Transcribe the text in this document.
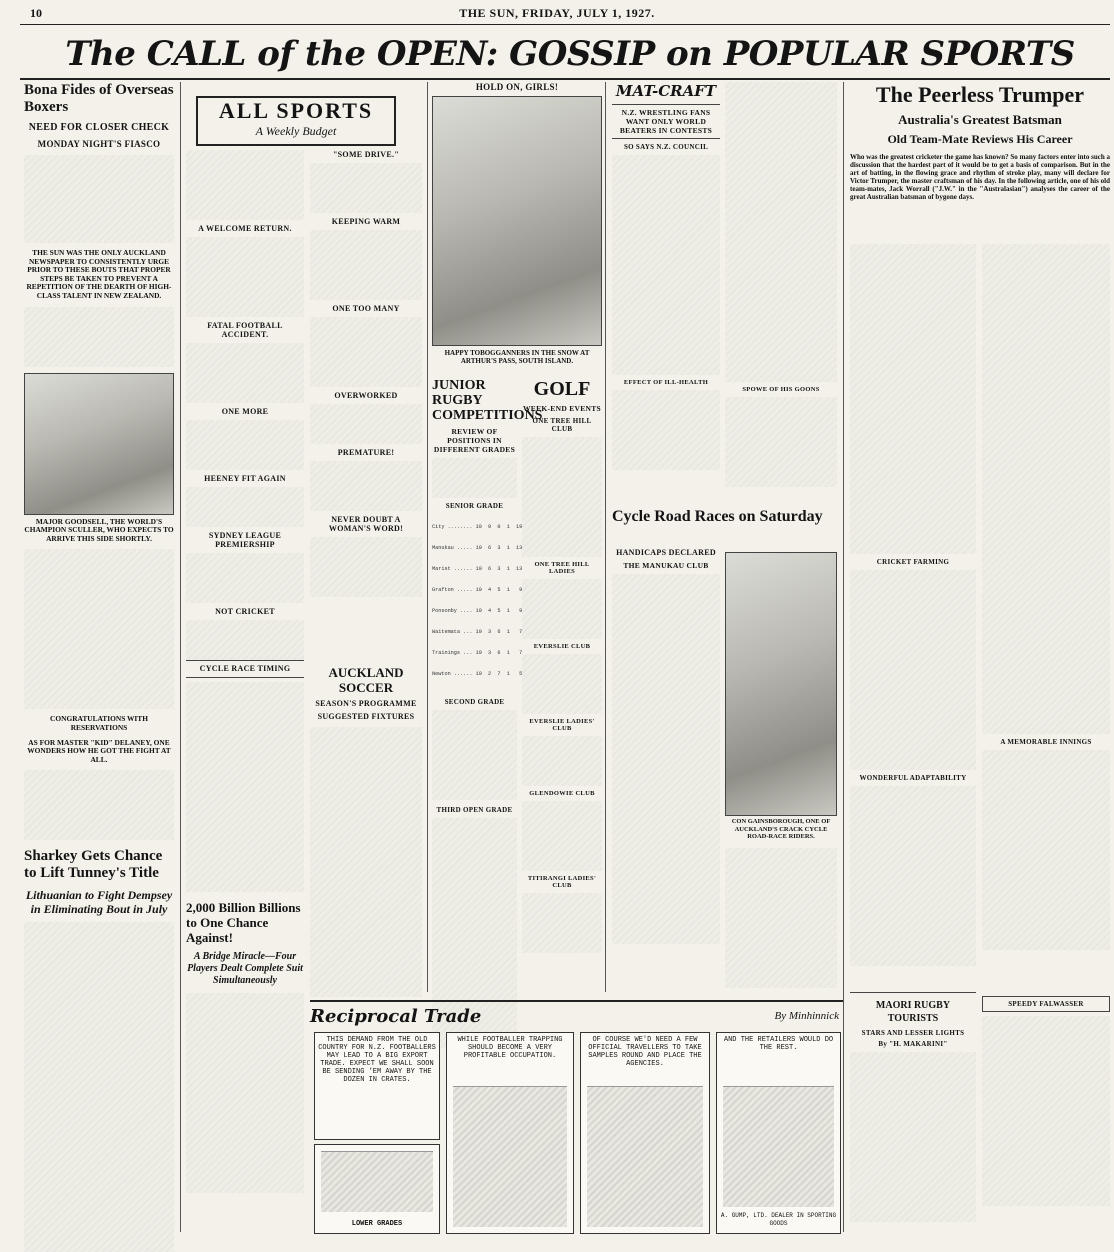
10	THE SUN, FRIDAY, JULY 1, 1927.
The CALL of the OPEN: GOSSIP on POPULAR SPORTS
Bona Fides of Overseas Boxers
NEED FOR CLOSER CHECK
MONDAY NIGHT'S FIASCO
THE SUN WAS THE ONLY AUCKLAND NEWSPAPER TO CONSISTENTLY URGE PRIOR TO THESE BOUTS THAT PROPER STEPS BE TAKEN TO PREVENT A REPETITION OF THE DEARTH OF HIGH-CLASS TALENT IN NEW ZEALAND.
MAJOR GOODSELL, THE WORLD'S CHAMPION SCULLER, WHO EXPECTS TO ARRIVE THIS SIDE SHORTLY.
CONGRATULATIONS WITH RESERVATIONS
AS FOR MASTER "KID" DELANEY, ONE WONDERS HOW HE GOT THE FIGHT AT ALL.
Sharkey Gets Chance to Lift Tunney's Title
Lithuanian to Fight Dempsey in Eliminating Bout in July
ALL SPORTS
A Weekly Budget
A WELCOME RETURN.
FATAL FOOTBALL ACCIDENT.
ONE MORE
HEENEY FIT AGAIN
SYDNEY LEAGUE PREMIERSHIP
NOT CRICKET
"SOME DRIVE."
KEEPING WARM
ONE TOO MANY
OVERWORKED
PREMATURE!
NEVER DOUBT A WOMAN'S WORD!
CYCLE RACE TIMING
2,000 Billion Billions to One Chance Against!
A Bridge Miracle—Four Players Dealt Complete Suit Simultaneously
AUCKLAND SOCCER
SEASON'S PROGRAMME
SUGGESTED FIXTURES
HOLD ON, GIRLS!
HAPPY TOBOGGANNERS IN THE SNOW AT ARTHUR'S PASS, SOUTH ISLAND.
JUNIOR RUGBY COMPETITIONS
REVIEW OF POSITIONS IN DIFFERENT GRADES
SENIOR GRADE

City ........ 10  9  0  1  19

Manukau ..... 10  6  3  1  13

Marist ...... 10  6  3  1  13

Grafton ..... 10  4  5  1   9

Ponsonby .... 10  4  5  1   9

Waitemata ... 10  3  6  1   7

Trainings ... 10  3  6  1   7

Newton ...... 10  2  7  1   5

SECOND GRADE
THIRD OPEN GRADE
GOLF
WEEK-END EVENTS
ONE TREE HILL CLUB
ONE TREE HILL LADIES
EVERSLIE CLUB
EVERSLIE LADIES' CLUB
GLENDOWIE CLUB
TITIRANGI LADIES' CLUB
MAT-CRAFT
N.Z. WRESTLING FANS WANT ONLY WORLD BEATERS IN CONTESTS
SO SAYS N.Z. COUNCIL
EFFECT OF ILL-HEALTH
Cycle Road Races on Saturday
HANDICAPS DECLARED
THE MANUKAU CLUB
SPOWE OF HIS GOONS
CON GAINSBOROUGH, ONE OF AUCKLAND'S CRACK CYCLE ROAD-RACE RIDERS.
The Peerless Trumper
Australia's Greatest Batsman
Old Team-Mate Reviews His Career
Who was the greatest cricketer the game has known? So many factors enter into such a discussion that the hardest part of it would be to get a basis of comparison. But in the art of batting, in the flowing grace and rhythm of stroke play, many will declare for Victor Trumper, the master craftsman of his day. In the following article, one of his old team-mates, Jack Worrall ("J.W." in the "Australasian") analyses the career of the great Australian batsman of bygone days.
CRICKET FARMING
WONDERFUL ADAPTABILITY
A MEMORABLE INNINGS
MAORI RUGBY TOURISTS
STARS AND LESSER LIGHTS
By "H. MAKARINI"
SPEEDY FALWASSER
Reciprocal Trade	By Minhinnick
THIS DEMAND FROM THE OLD COUNTRY FOR N.Z. FOOTBALLERS MAY LEAD TO A BIG EXPORT TRADE. EXPECT WE SHALL SOON BE SENDING 'EM AWAY BY THE DOZEN IN CRATES.
WHILE FOOTBALLER TRAPPING SHOULD BECOME A VERY PROFITABLE OCCUPATION.
OF COURSE WE'D NEED A FEW OFFICIAL TRAVELLERS TO TAKE SAMPLES ROUND AND PLACE THE AGENCIES.
AND THE RETAILERS WOULD DO THE REST.
A. GUMP, LTD. DEALER IN SPORTING GOODS
LOWER GRADES
